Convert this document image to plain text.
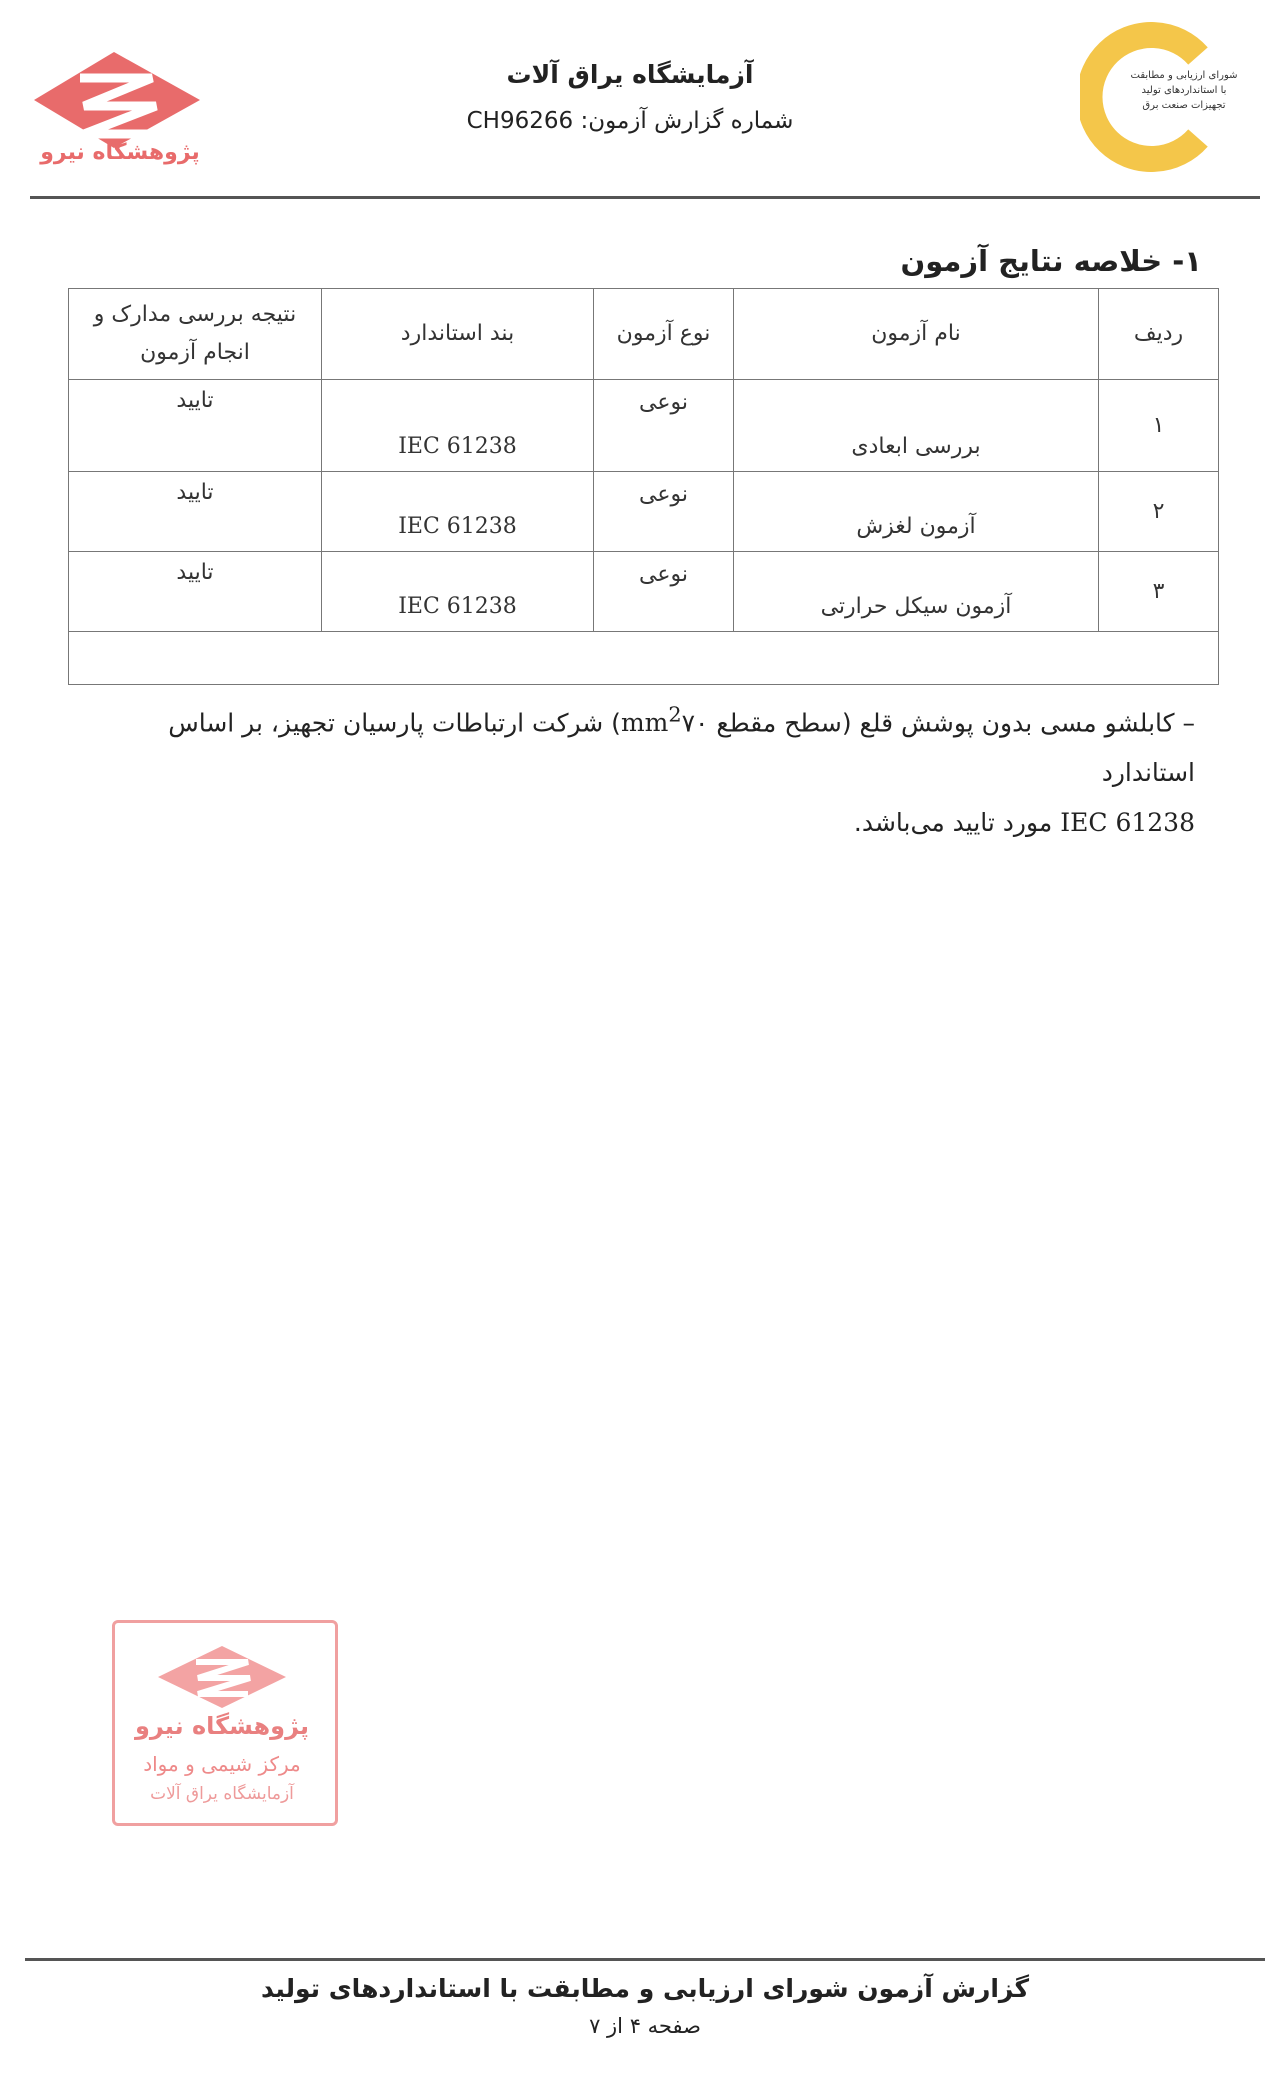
پژوهشگاه نیرو
آزمایشگاه یراق آلات
شماره گزارش آزمون: CH96266
شورای ارزیابی و مطابقت با استانداردهای تولید تجهیزات صنعت برق
۱- خلاصه نتایج آزمون
ردیف	نام آزمون	نوع آزمون	بند استاندارد	نتیجه بررسی مدارک و انجام آزمون
۱	بررسی ابعادی	نوعی	IEC 61238	تایید
۲	آزمون لغزش	نوعی	IEC 61238	تایید
۳	آزمون سیکل حرارتی	نوعی	IEC 61238	تایید

– کابلشو مسی بدون پوشش قلع (سطح مقطع $۷۰mm^2$) شرکت ارتباطات پارسیان تجهیز، بر اساس استاندارد
IEC 61238 مورد تایید می‌باشد.
پژوهشگاه نیرو
مرکز شیمی و مواد
آزمایشگاه یراق آلات
گزارش آزمون شورای ارزیابی و مطابقت با استانداردهای تولید
صفحه ۴ از ۷
